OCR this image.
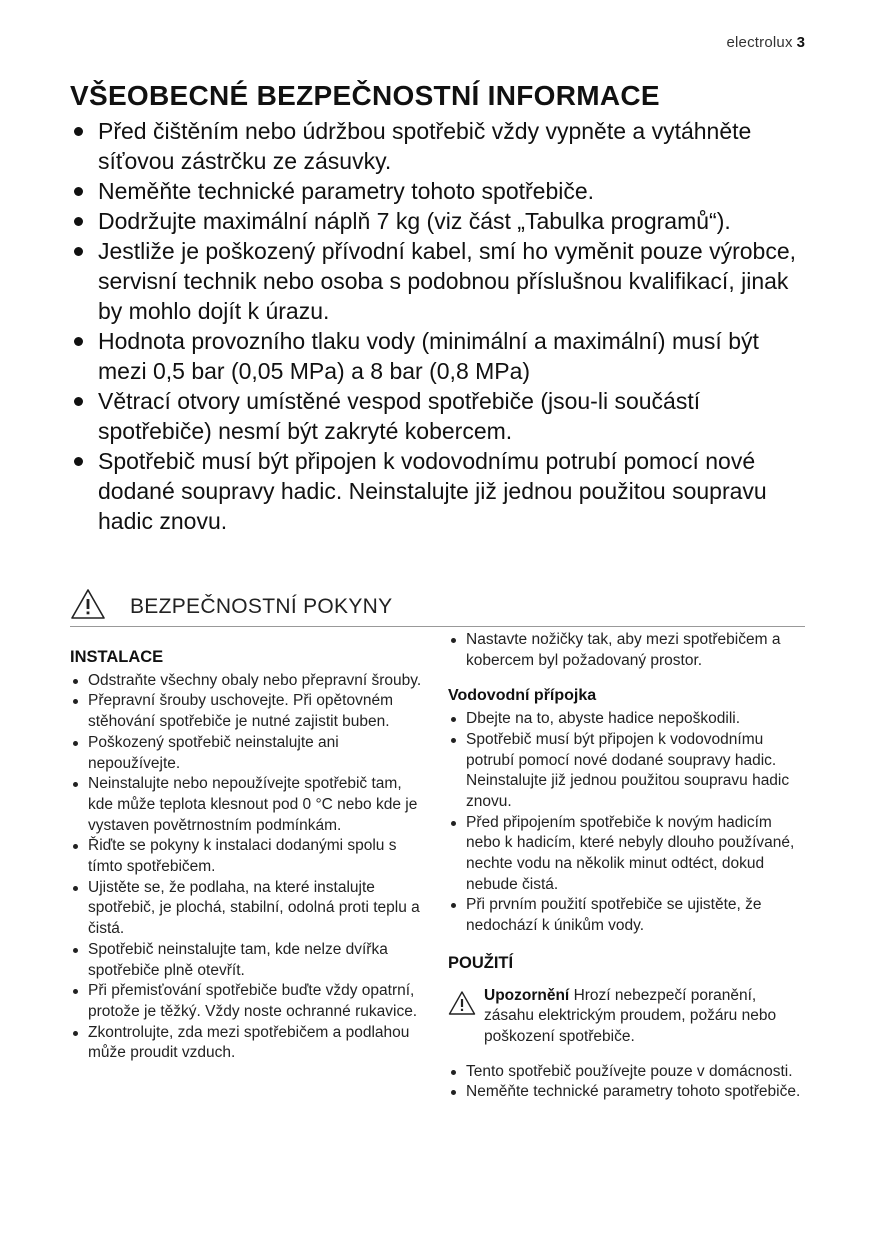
electrolux 3
VŠEOBECNÉ BEZPEČNOSTNÍ INFORMACE
Před čištěním nebo údržbou spotřebič vždy vypněte a vytáhněte síťovou zástrčku ze zásuvky.
Neměňte technické parametry tohoto spotřebiče.
Dodržujte maximální náplň 7 kg (viz část „Tabulka programů“).
Jestliže je poškozený přívodní kabel, smí ho vyměnit pouze výrobce, servisní technik nebo osoba s podobnou příslušnou kvalifikací, jinak by mohlo dojít k úrazu.
Hodnota provozního tlaku vody (minimální a maximální) musí být mezi 0,5 bar (0,05 MPa) a 8 bar (0,8 MPa)
Větrací otvory umístěné vespod spotřebiče (jsou-li součástí spotřebiče) nesmí být zakryté kobercem.
Spotřebič musí být připojen k vodovodnímu potrubí pomocí nové dodané soupravy hadic. Neinstalujte již jednou použitou soupravu hadic znovu.
BEZPEČNOSTNÍ POKYNY
INSTALACE
Odstraňte všechny obaly nebo přepravní šrouby.
Přepravní šrouby uschovejte. Při opětovném stěhování spotřebiče je nutné zajistit buben.
Poškozený spotřebič neinstalujte ani nepoužívejte.
Neinstalujte nebo nepoužívejte spotřebič tam, kde může teplota klesnout pod 0 °C nebo kde je vystaven povětrnostním podmínkám.
Řiďte se pokyny k instalaci dodanými spolu s tímto spotřebičem.
Ujistěte se, že podlaha, na které instalujte spotřebič, je plochá, stabilní, odolná proti teplu a čistá.
Spotřebič neinstalujte tam, kde nelze dvířka spotřebiče plně otevřít.
Při přemisťování spotřebiče buďte vždy opatrní, protože je těžký. Vždy noste ochranné rukavice.
Zkontrolujte, zda mezi spotřebičem a podlahou může proudit vzduch.
Nastavte nožičky tak, aby mezi spotřebičem a kobercem byl požadovaný prostor.
Vodovodní přípojka
Dbejte na to, abyste hadice nepoškodili.
Spotřebič musí být připojen k vodovodnímu potrubí pomocí nové dodané soupravy hadic. Neinstalujte již jednou použitou soupravu hadic znovu.
Před připojením spotřebiče k novým hadicím nebo k hadicím, které nebyly dlouho používané, nechte vodu na několik minut odtéct, dokud nebude čistá.
Při prvním použití spotřebiče se ujistěte, že nedochází k únikům vody.
POUŽITÍ

Upozornění Hrozí nebezpečí poranění, zásahu elektrickým proudem, požáru nebo poškození spotřebiče.

Tento spotřebič používejte pouze v domácnosti.
Neměňte technické parametry tohoto spotřebiče.
